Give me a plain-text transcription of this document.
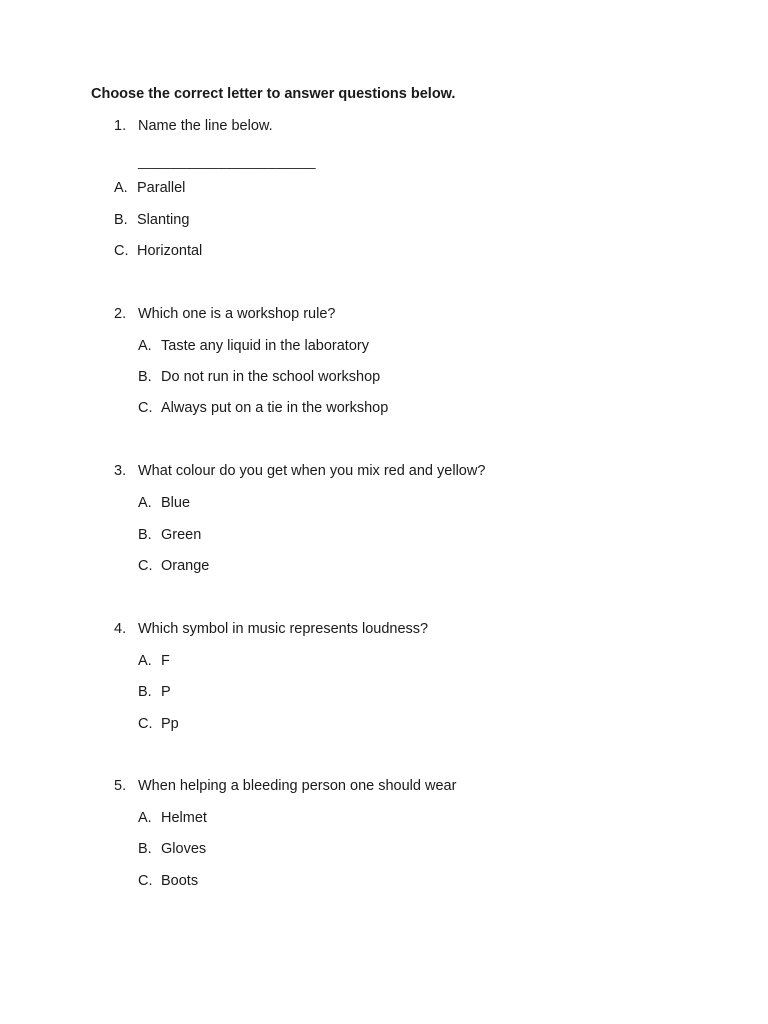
Choose the correct letter to answer questions below.
1. Name the line below.
______________________
A. Parallel
B. Slanting
C. Horizontal
2. Which one is a workshop rule?
A. Taste any liquid in the laboratory
B. Do not run in the school workshop
C. Always put on a tie in the workshop
3. What colour do you get when you mix red and yellow?
A. Blue
B. Green
C. Orange
4. Which symbol in music represents loudness?
A. F
B. P
C. Pp
5. When helping a bleeding person one should wear
A. Helmet
B. Gloves
C. Boots
